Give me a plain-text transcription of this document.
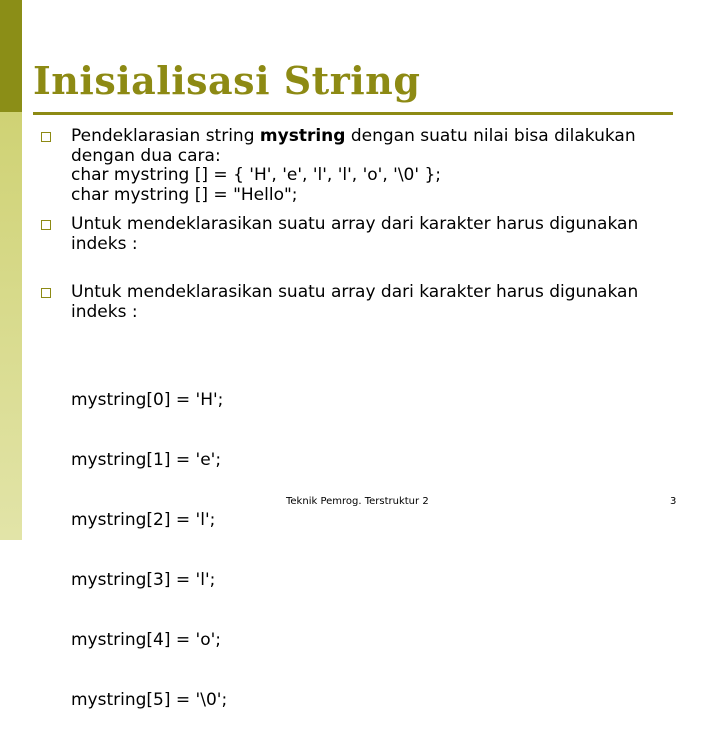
Inisialisasi String
Pendeklarasian string mystring dengan suatu nilai bisa dilakukan
dengan dua cara:
char mystring [] = { 'H', 'e', 'l', 'l', 'o', '\0' };
char mystring [] = "Hello";
Untuk mendeklarasikan suatu array dari karakter harus digunakan
indeks :
Untuk mendeklarasikan suatu array dari karakter harus digunakan
indeks :

mystring[0] = 'H';

mystring[1] = 'e';

mystring[2] = 'l';

mystring[3] = 'l';

mystring[4] = 'o';

mystring[5] = '\0';

Teknik Pemrog. Terstruktur 2	3
